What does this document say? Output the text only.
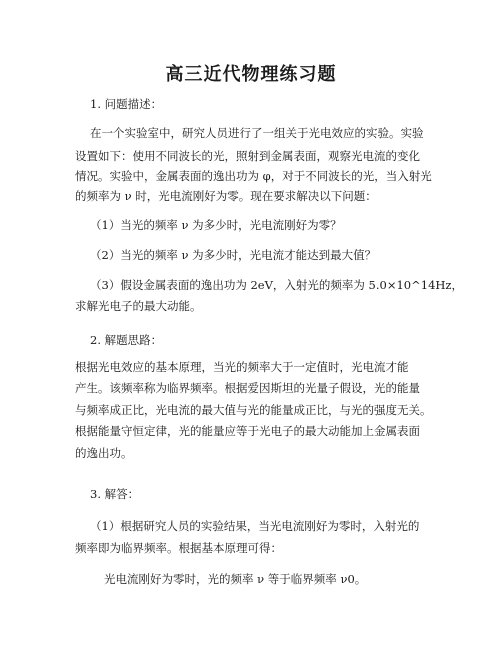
高三近代物理练习题
1. 问题描述：
在一个实验室中，研究人员进行了一组关于光电效应的实验。实验
设置如下：使用不同波长的光，照射到金属表面，观察光电流的变化
情况。实验中，金属表面的逸出功为 φ，对于不同波长的光，当入射光
的频率为 ν 时，光电流刚好为零。现在要求解决以下问题：
（1）当光的频率 ν 为多少时，光电流刚好为零？
（2）当光的频率 ν 为多少时，光电流才能达到最大值？
（3）假设金属表面的逸出功为 2eV，入射光的频率为 5.0×10^14Hz，
求解光电子的最大动能。
2. 解题思路：
根据光电效应的基本原理，当光的频率大于一定值时，光电流才能
产生。该频率称为临界频率。根据爱因斯坦的光量子假设，光的能量
与频率成正比，光电流的最大值与光的能量成正比，与光的强度无关。
根据能量守恒定律，光的能量应等于光电子的最大动能加上金属表面
的逸出功。
3. 解答：
（1）根据研究人员的实验结果，当光电流刚好为零时，入射光的
频率即为临界频率。根据基本原理可得：
光电流刚好为零时，光的频率 ν 等于临界频率 ν0。
